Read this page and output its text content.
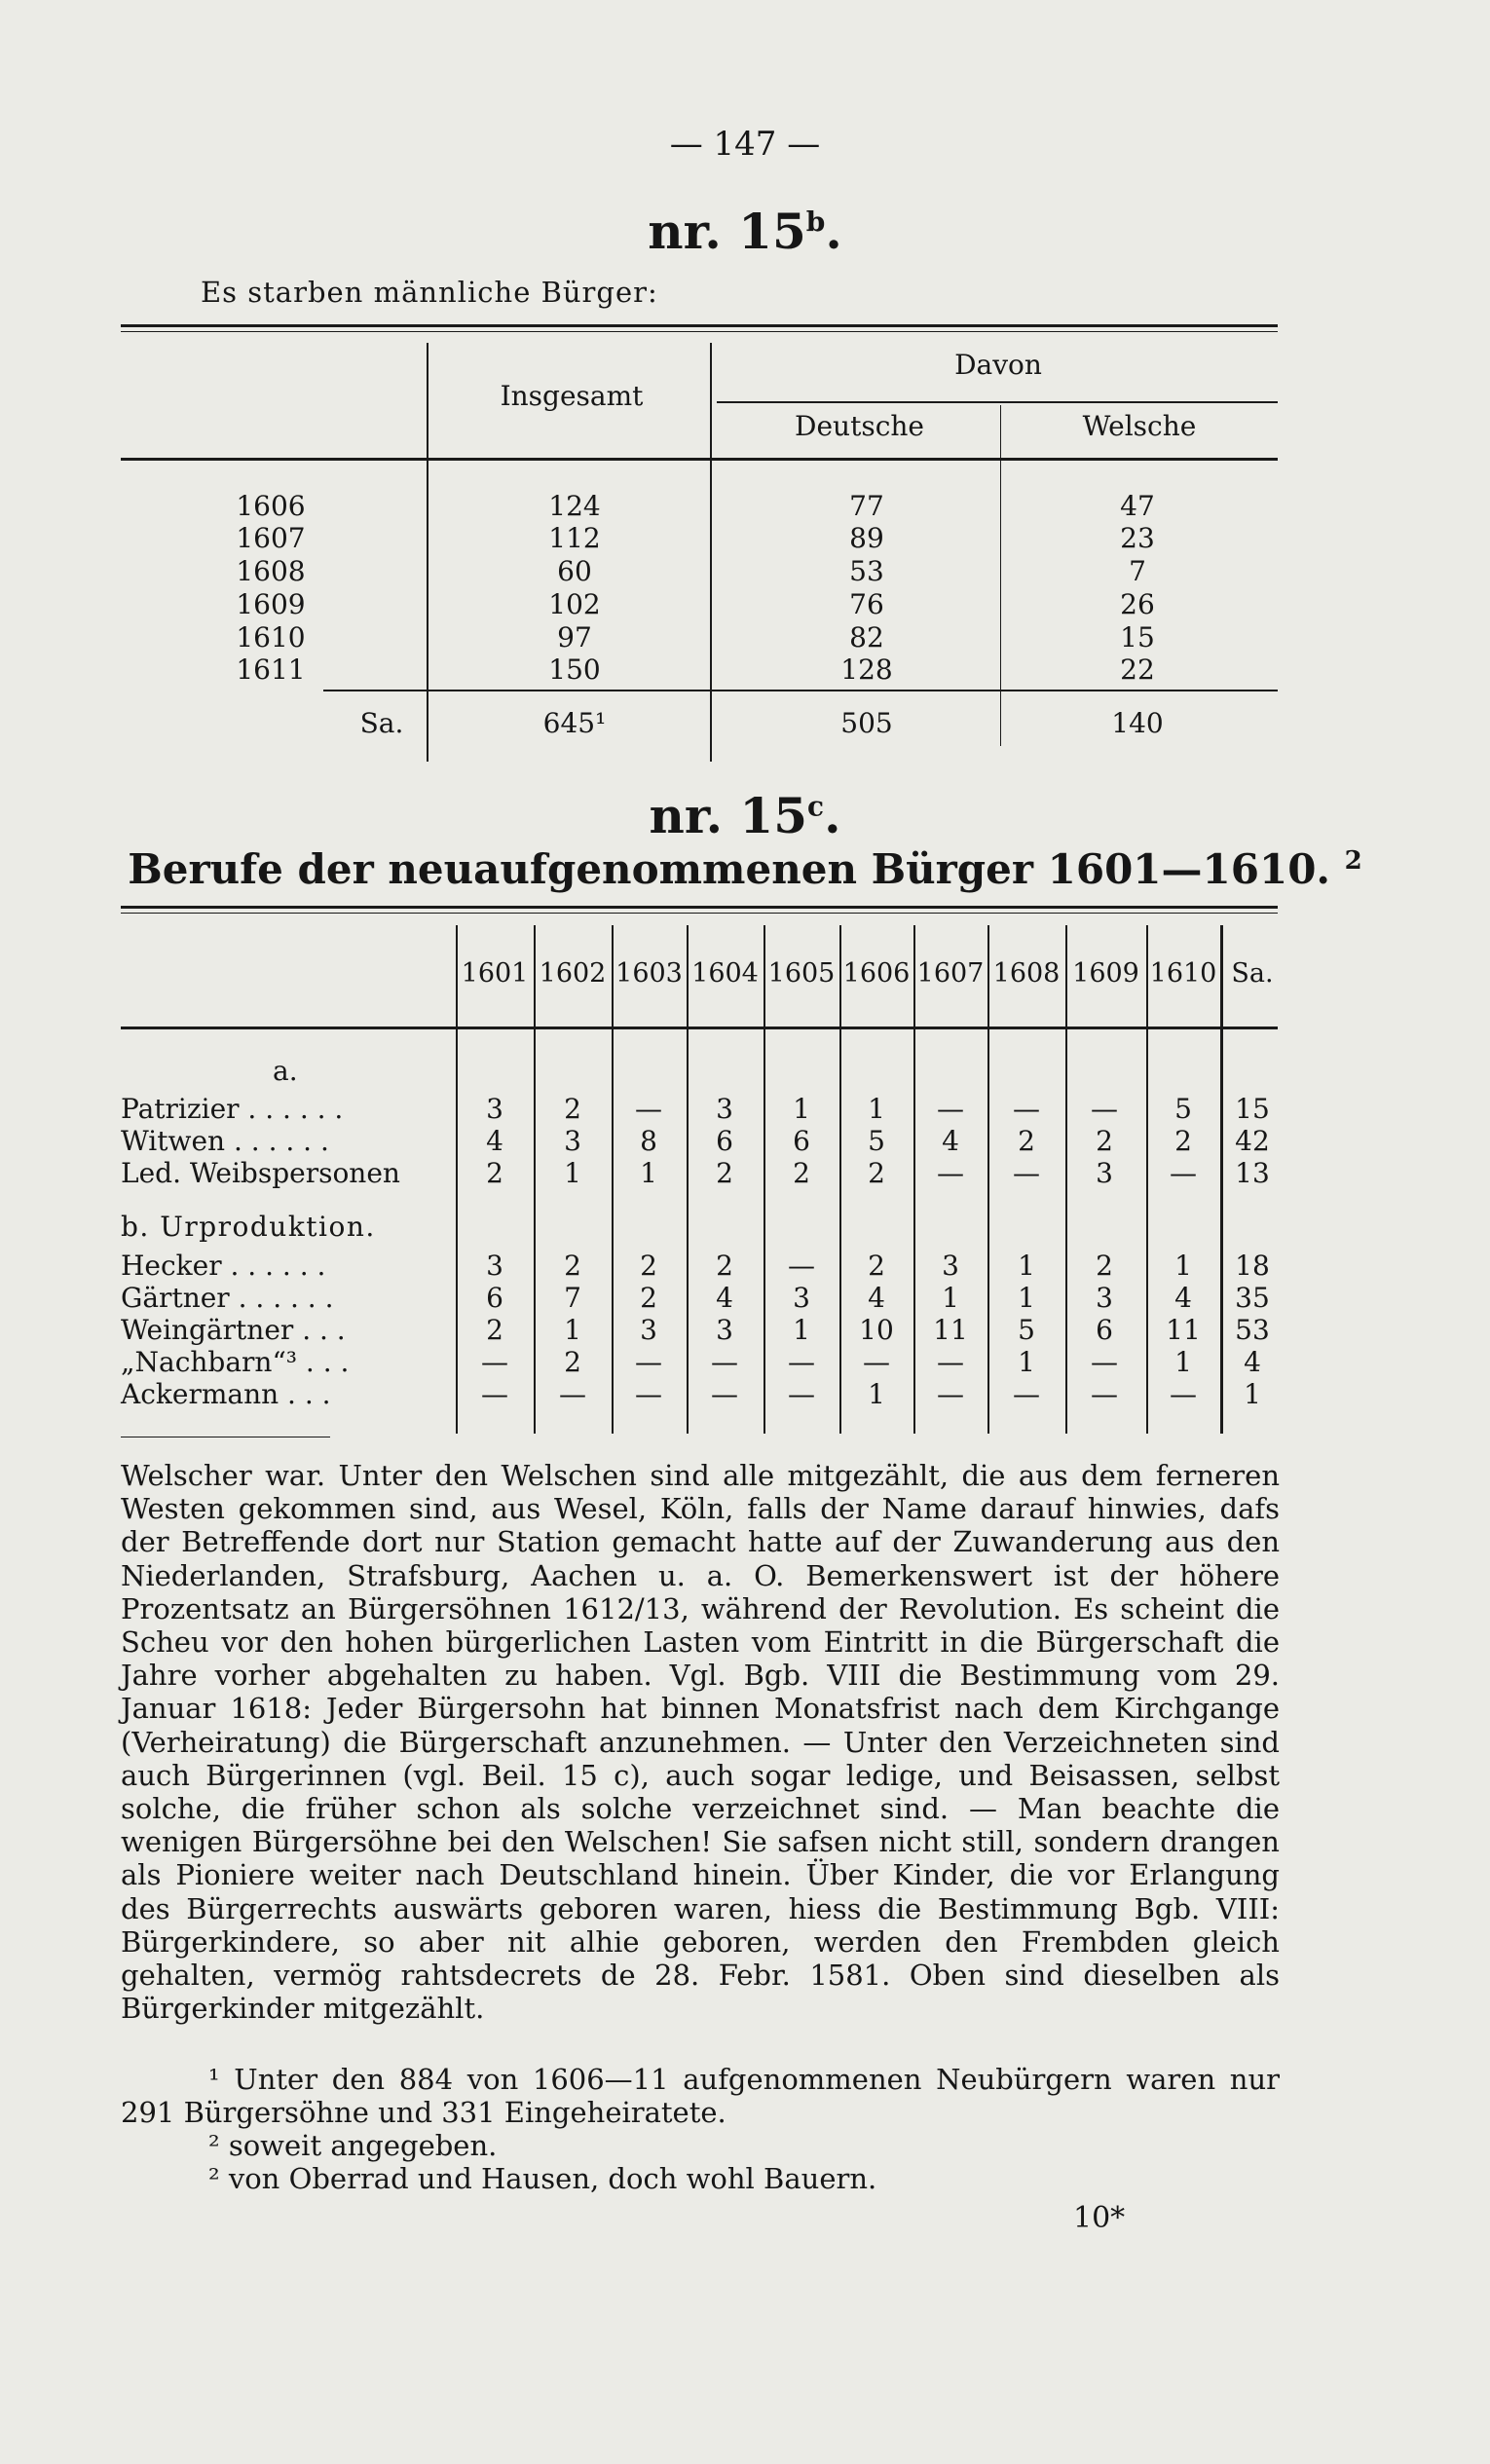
— 147 —
nr. 15$^b$.
Es starben männliche Bürger:
Insgesamt
Davon
Deutsche	Welsche
1606	124	77	47
1607	112	89	23
1608	60	53	7
1609	102	76	26
1610	97	82	15
1611	150	128	22
Sa.	645¹	505	140
nr. 15$^c$.
Berufe der neuaufgenommenen Bürger 1601—1610. $^2$
1601 1602 1603 1604 1605 1606 1607 1608 1609 1610 Sa.
a.
b. Urproduktion.
Patrizier . . . . . .	3	2	—	3	1	1	—	—	—	5	15
Witwen . . . . . .	4	3	8	6	6	5	4	2	2	2	42
Led. Weibspersonen	2	1	1	2	2	2	—	—	3	—	13
Hecker . . . . . .	3	2	2	2	—	2	3	1	2	1	18
Gärtner . . . . . .	6	7	2	4	3	4	1	1	3	4	35
Weingärtner . . .	2	1	3	3	1	10	11	5	6	11	53
„Nachbarn“³ . . .	—	2	—	—	—	—	—	1	—	1	4
Ackermann . . .	—	—	—	—	—	1	—	—	—	—	1
Welscher war. Unter den Welschen sind alle mitgezählt, die aus dem ferneren Westen gekommen sind, aus Wesel, Köln, falls der Name darauf hinwies, dafs der Betreffende dort nur Station gemacht hatte auf der Zuwanderung aus den Niederlanden, Strafsburg, Aachen u. a. O. Bemerkenswert ist der höhere Prozentsatz an Bürgersöhnen 1612/13, während der Revolution. Es scheint die Scheu vor den hohen bürgerlichen Lasten vom Eintritt in die Bürgerschaft die Jahre vorher abgehalten zu haben. Vgl. Bgb. VIII die Bestimmung vom 29. Januar 1618: Jeder Bürgersohn hat binnen Monatsfrist nach dem Kirchgange (Verheiratung) die Bürgerschaft anzunehmen. — Unter den Verzeichneten sind auch Bürgerinnen (vgl. Beil. 15 c), auch sogar ledige, und Beisassen, selbst solche, die früher schon als solche verzeichnet sind. — Man beachte die wenigen Bürgersöhne bei den Welschen! Sie safsen nicht still, sondern drangen als Pioniere weiter nach Deutschland hinein. Über Kinder, die vor Erlangung des Bürgerrechts auswärts geboren waren, hiess die Bestimmung Bgb. VIII: Bürgerkindere, so aber nit alhie geboren, werden den Frembden gleich gehalten, vermög rahtsdecrets de 28. Febr. 1581. Oben sind dieselben als Bürgerkinder mitgezählt.
¹ Unter den 884 von 1606—11 aufgenommenen Neubürgern waren nur 291 Bürgersöhne und 331 Eingeheiratete.
² soweit angegeben.
² von Oberrad und Hausen, doch wohl Bauern.
10*
